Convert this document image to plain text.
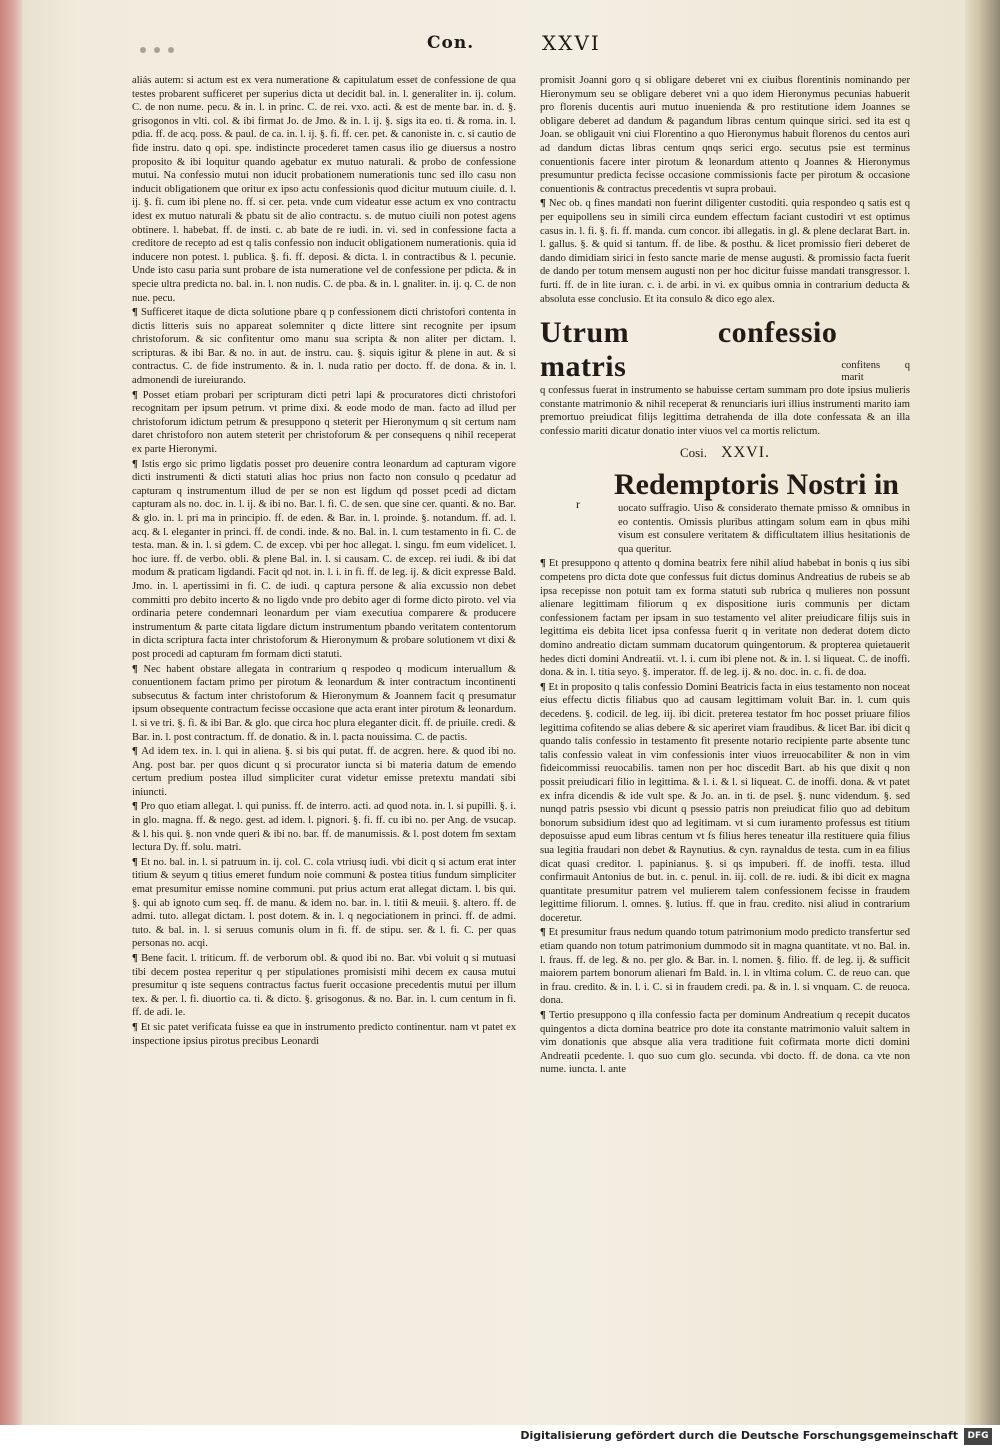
Con.	XXVI

aliás autem: si actum est ex vera numeratione & capitulatum esset de confessione de qua testes probarent sufficeret per superius dicta ut decidit bal. in. l. generaliter in. ij. colum. C. de non nume. pecu. & in. l. in princ. C. de rei. vxo. acti. & est de mente bar. in. d. §. grisogonos in vlti. col. & ibi firmat Jo. de Jmo. & in. l. ij. §. sigs ita eo. ti. & roma. in. l. pdia. ff. de acq. poss. & paul. de ca. in. l. ij. §. fi. ff. cer. pet. & canoniste in. c. si cautio de fide instru. dato q opi. spe. indistincte procederet tamen casus ilio ge diuersus a nostro proposito & ibi loquitur quando agebatur ex mutuo naturali. & probo de confessione mutui. Na confessio mutui non iducit probationem numerationis tunc sed illo casu non inducit obligationem que oritur ex ipso actu confessionis quod dicitur mutuum ciuile. d. l. ij. §. fi. cum ibi plene no. ff. si cer. peta. vnde cum videatur esse actum ex vno contractu idest ex mutuo naturali & pbatu sit de alio contractu. s. de mutuo ciuili non potest agens obtinere. l. habebat. ff. de insti. c. ab bate de re iudi. in. vi. sed in confessione facta a creditore de recepto ad est q talis confessio non inducit obligationem numerationis. quia id inducere non potest. l. publica. §. fi. ff. deposi. & dicta. l. in contractibus & l. pecunie. Unde isto casu paria sunt probare de ista numeratione vel de confessione per pdicta. & in specie ultra predicta no. bal. in. l. non nudis. C. de pba. & in. l. gnaliter. in. ij. q. C. de non nue. pecu.

¶ Sufficeret itaque de dicta solutione pbare q p confessionem dicti christofori contenta in dictis litteris suis no appareat solemniter q dicte littere sint recognite per ipsum christoforum. & sic confitentur omo manu sua scripta & non aliter per dictam. l. scripturas. & ibi Bar. & no. in aut. de instru. cau. §. siquis igitur & plene in aut. & si contractus. C. de fide instrumento. & in. l. nuda ratio per docto. ff. de dona. & in. l. admonendi de iureiurando.

¶ Posset etiam probari per scripturam dicti petri lapi & procuratores dicti christofori recognitam per ipsum petrum. vt prime dixi. & eode modo de man. facto ad illud per christoforum idictum petrum & presuppono q steterit per Hieronymum q sit certum nam daret christoforo non autem steterit per christoforum & per consequens q nihil receperat ex parte Hieronymi.

¶ Istis ergo sic primo ligdatis posset pro deuenire contra leonardum ad capturam vigore dicti instrumenti & dicti statuti alias hoc prius non facto non consulo q pcedatur ad capturam q instrumentum illud de per se non est ligdum qd posset pcedi ad dictam capturam als no. doc. in. l. ij. & ibi no. Bar. l. fi. C. de sen. que sine cer. quanti. & no. Bar. & glo. in. l. pri ma in principio. ff. de eden. & Bar. in. l. proinde. §. notandum. ff. ad. l. acq. & l. eleganter in princi. ff. de condi. inde. & no. Bal. in. l. cum testamento in fi. C. de testa. man. & in. l. si gdem. C. de excep. vbi per hoc allegat. l. singu. fm eum videlicet. l. hoc iure. ff. de verbo. obli. & plene Bal. in. l. si causam. C. de excep. rei iudi. & ibi dat modum & praticam ligdandi. Facit qd not. in. l. i. in fi. ff. de leg. ij. & dicit expresse Bald. Jmo. in. l. apertissimi in fi. C. de iudi. q captura persone & alia excussio non debet committi pro debito incerto & no ligdo vnde pro debito ager di forme dicto piroto. vel via ordinaria petere condemnari leonardum per viam executiua comparere & producere instrumentum & parte citata ligdare dictum instrumentum pbando veritatem contentorum in dicta scriptura facta inter christoforum & Hieronymum & probare solutionem vt dixi & post procedi ad capturam fm formam dicti statuti.

¶ Nec habent obstare allegata in contrarium q respodeo q modicum interuallum & conuentionem factam primo per pirotum & leonardum & inter contractum incontinenti subsecutus & factum inter christoforum & Hieronymum & Joannem facit q presumatur ipsum obsequente contractum fecisse occasione que acta erant inter pirotum & leonardum. l. si ve tri. §. fi. & ibi Bar. & glo. que circa hoc plura eleganter dicit. ff. de priuile. credi. & Bar. in. l. post contractum. ff. de donatio. & in. l. pacta nouissima. C. de pactis.

¶ Ad idem tex. in. l. qui in aliena. §. si bis qui putat. ff. de acgren. here. & quod ibi no. Ang. post bar. per quos dicunt q si procurator iuncta si bi materia datum de emendo certum predium postea illud simpliciter curat videtur emisse pretextu mandati sibi iniuncti.

¶ Pro quo etiam allegat. l. qui puniss. ff. de interro. acti. ad quod nota. in. l. si pupilli. §. i. in glo. magna. ff. & nego. gest. ad idem. l. pignori. §. fi. ff. cu ibi no. per Ang. de vsucap. & l. his qui. §. non vnde queri & ibi no. bar. ff. de manumissis. & l. post dotem fm sextam lectura Dy. ff. solu. matri.

¶ Et no. bal. in. l. si patruum in. ij. col. C. cola vtriusq iudi. vbi dicit q si actum erat inter titium & seyum q titius emeret fundum noie communi & postea titius fundum simpliciter emat presumitur emisse nomine communi. put prius actum erat allegat dictam. l. bis qui. §. qui ab ignoto cum seq. ff. de manu. & idem no. bar. in. l. titii & meuii. §. altero. ff. de admi. tuto. allegat dictam. l. post dotem. & in. l. q negociationem in princi. ff. de admi. tuto. & bal. in. l. si seruus comunis olum in fi. ff. de stipu. ser. & l. fi. C. per quas personas no. acqi.

¶ Bene facit. l. triticum. ff. de verborum obl. & quod ibi no. Bar. vbi voluit q si mutuasi tibi decem postea reperitur q per stipulationes promisisti mihi decem ex causa mutui presumitur q iste sequens contractus factus fuerit occasione precedentis mutui per illum tex. & per. l. fi. diuortio ca. ti. & dicto. §. grisogonus. & no. Bar. in. l. cum centum in fi. ff. de adi. le.

¶ Et sic patet verificata fuisse ea que in instrumento predicto continentur. nam vt patet ex inspectione ipsius pirotus precibus Leonardi

promisit Joanni goro q si obligare deberet vni ex ciuibus florentinis nominando per Hieronymum seu se obligare deberet vni a quo idem Hieronymus pecunias habuerit pro florenis ducentis auri mutuo inuenienda & pro restitutione idem Joannes se obligare deberet ad dandum & pagandum libras centum quinque sirici. sed ita est q Joan. se obligauit vni ciui Florentino a quo Hieronymus habuit florenos du centos auri ad dandum dictas libras centum qnqs serici ergo. secutus psie est terminus conuentionis facere inter pirotum & leonardum attento q Joannes & Hieronymus presumuntur predicta fecisse occasione commissionis facte per pirotum & occasione conuentionis & contractus precedentis vt supra probaui.

¶ Nec ob. q fines mandati non fuerint diligenter custoditi. quia respondeo q satis est q per equipollens seu in simili circa eundem effectum faciant custodiri vt est optimus casus in. l. fi. §. fi. ff. manda. cum concor. ibi allegatis. in gl. & plene declarat Bart. in. l. gallus. §. & quid si tantum. ff. de libe. & posthu. & licet promissio fieri deberet de dando dimidiam sirici in festo sancte marie de mense augusti. & promissio facta fuerit de dando per totum mensem augusti non per hoc dicitur fuisse mandati transgressor. l. furti. ff. de in lite iuran. c. i. de arbi. in vi. ex quibus omnia in contrarium deducta & absoluta esse conclusio. Et ita consulo & dico ego alex.

Utrum confessio matris	confitens q marit

q confessus fuerat in instrumento se habuisse certam summam pro dote ipsius mulieris constante matrimonio & nihil receperat & renunciaris iuri illius instrumenti marito iam premortuo preiudicat filijs legittima detrahenda de illa dote confessata & an illa confessio mariti dicatur donatio inter viuos vel ca mortis relictum.

Cosi. XXVI.
r
Redemptoris Nostri in

uocato suffragio. Uiso & considerato themate pmisso & omnibus in eo contentis. Omissis pluribus attingam solum eam in qbus mihi visum est consulere veritatem & difficultatem illius hesitationis de qua queritur.

¶ Et presuppono q attento q domina beatrix fere nihil aliud habebat in bonis q ius sibi competens pro dicta dote que confessus fuit dictus dominus Andreatius de rubeis se ab ipsa recepisse non potuit tam ex forma statuti sub rubrica q mulieres non possunt alienare legittimam filiorum q ex dispositione iuris communis per dictam confessionem factam per ipsam in suo testamento vel aliter preiudicare filijs suis in legittima eis debita licet ipsa confessa fuerit q in veritate non dederat dotem dicto domino andreatio dictam summam ducatorum quingentorum. & propterea quietauerit hedes dicti domini Andreatii. vt. l. i. cum ibi plene not. & in. l. si liqueat. C. de inoffi. dona. & in. l. titia seyo. §. imperator. ff. de leg. ij. & no. doc. in. c. fi. de doa.

¶ Et in proposito q talis confessio Domini Beatricis facta in eius testamento non noceat eius effectu dictis filiabus quo ad causam legittimam voluit Bar. in. l. cum quis decedens. §. codicil. de leg. iij. ibi dicit. preterea testator fm hoc posset priuare filios legittima cofitendo se alias debere & sic aperiret viam fraudibus. & licet Bar. ibi dicit q quando talis confessio in testamento fit presente notario recipiente parte absente tunc talis confessio valeat in vim confessionis inter viuos irreuocabiliter & non in vim fideicommissi reuocabilis. tamen non per hoc discedit Bart. ab his que dixit q non possit preiudicari filio in legittima. & l. i. & l. si liqueat. C. de inoffi. dona. & vt patet ex infra dicendis & ide vult spe. & Jo. an. in ti. de psel. §. nunc videndum. §. sed nunqd patris psessio vbi dicunt q psessio patris non preiudicat filio quo ad debitum bonorum subsidium idest quo ad legitimam. vt si cum iuramento professus est titium deposuisse apud eum libras centum vt fs filius heres teneatur illa restituere quia filius sua legitia fraudari non debet & Raynutius. & cyn. raynaldus de testa. cum in ea filius dicat quasi creditor. l. papinianus. §. si qs impuberi. ff. de inoffi. testa. illud confirmauit Antonius de but. in. c. penul. in. iij. coll. de re. iudi. & ibi dicit ex magna quantitate presumitur patrem vel mulierem talem confessionem fecisse in fraudem legittime filiorum. l. omnes. §. lutius. ff. que in frau. credito. nisi aliud in contrarium doceretur.

¶ Et presumitur fraus nedum quando totum patrimonium modo predicto transfertur sed etiam quando non totum patrimonium dummodo sit in magna quantitate. vt no. Bal. in. l. fraus. ff. de leg. & no. per glo. & Bar. in. l. nomen. §. filio. ff. de leg. ij. & sufficit maiorem partem bonorum alienari fm Bald. in. l. in vltima colum. C. de reuo can. que in frau. credito. & in. l. i. C. si in fraudem credi. pa. & in. l. si vnquam. C. de reuoca. dona.

¶ Tertio presuppono q illa confessio facta per dominum Andreatium q recepit ducatos quingentos a dicta domina beatrice pro dote ita constante matrimonio valuit saltem in vim donationis que absque alia vera traditione fuit cofirmata morte dicti domini Andreatii pcedente. l. quo suo cum glo. secunda. vbi docto. ff. de dona. ca vte non nume. iuncta. l. ante

Digitalisierung gefördert durch die Deutsche Forschungsgemeinschaft	DFG
